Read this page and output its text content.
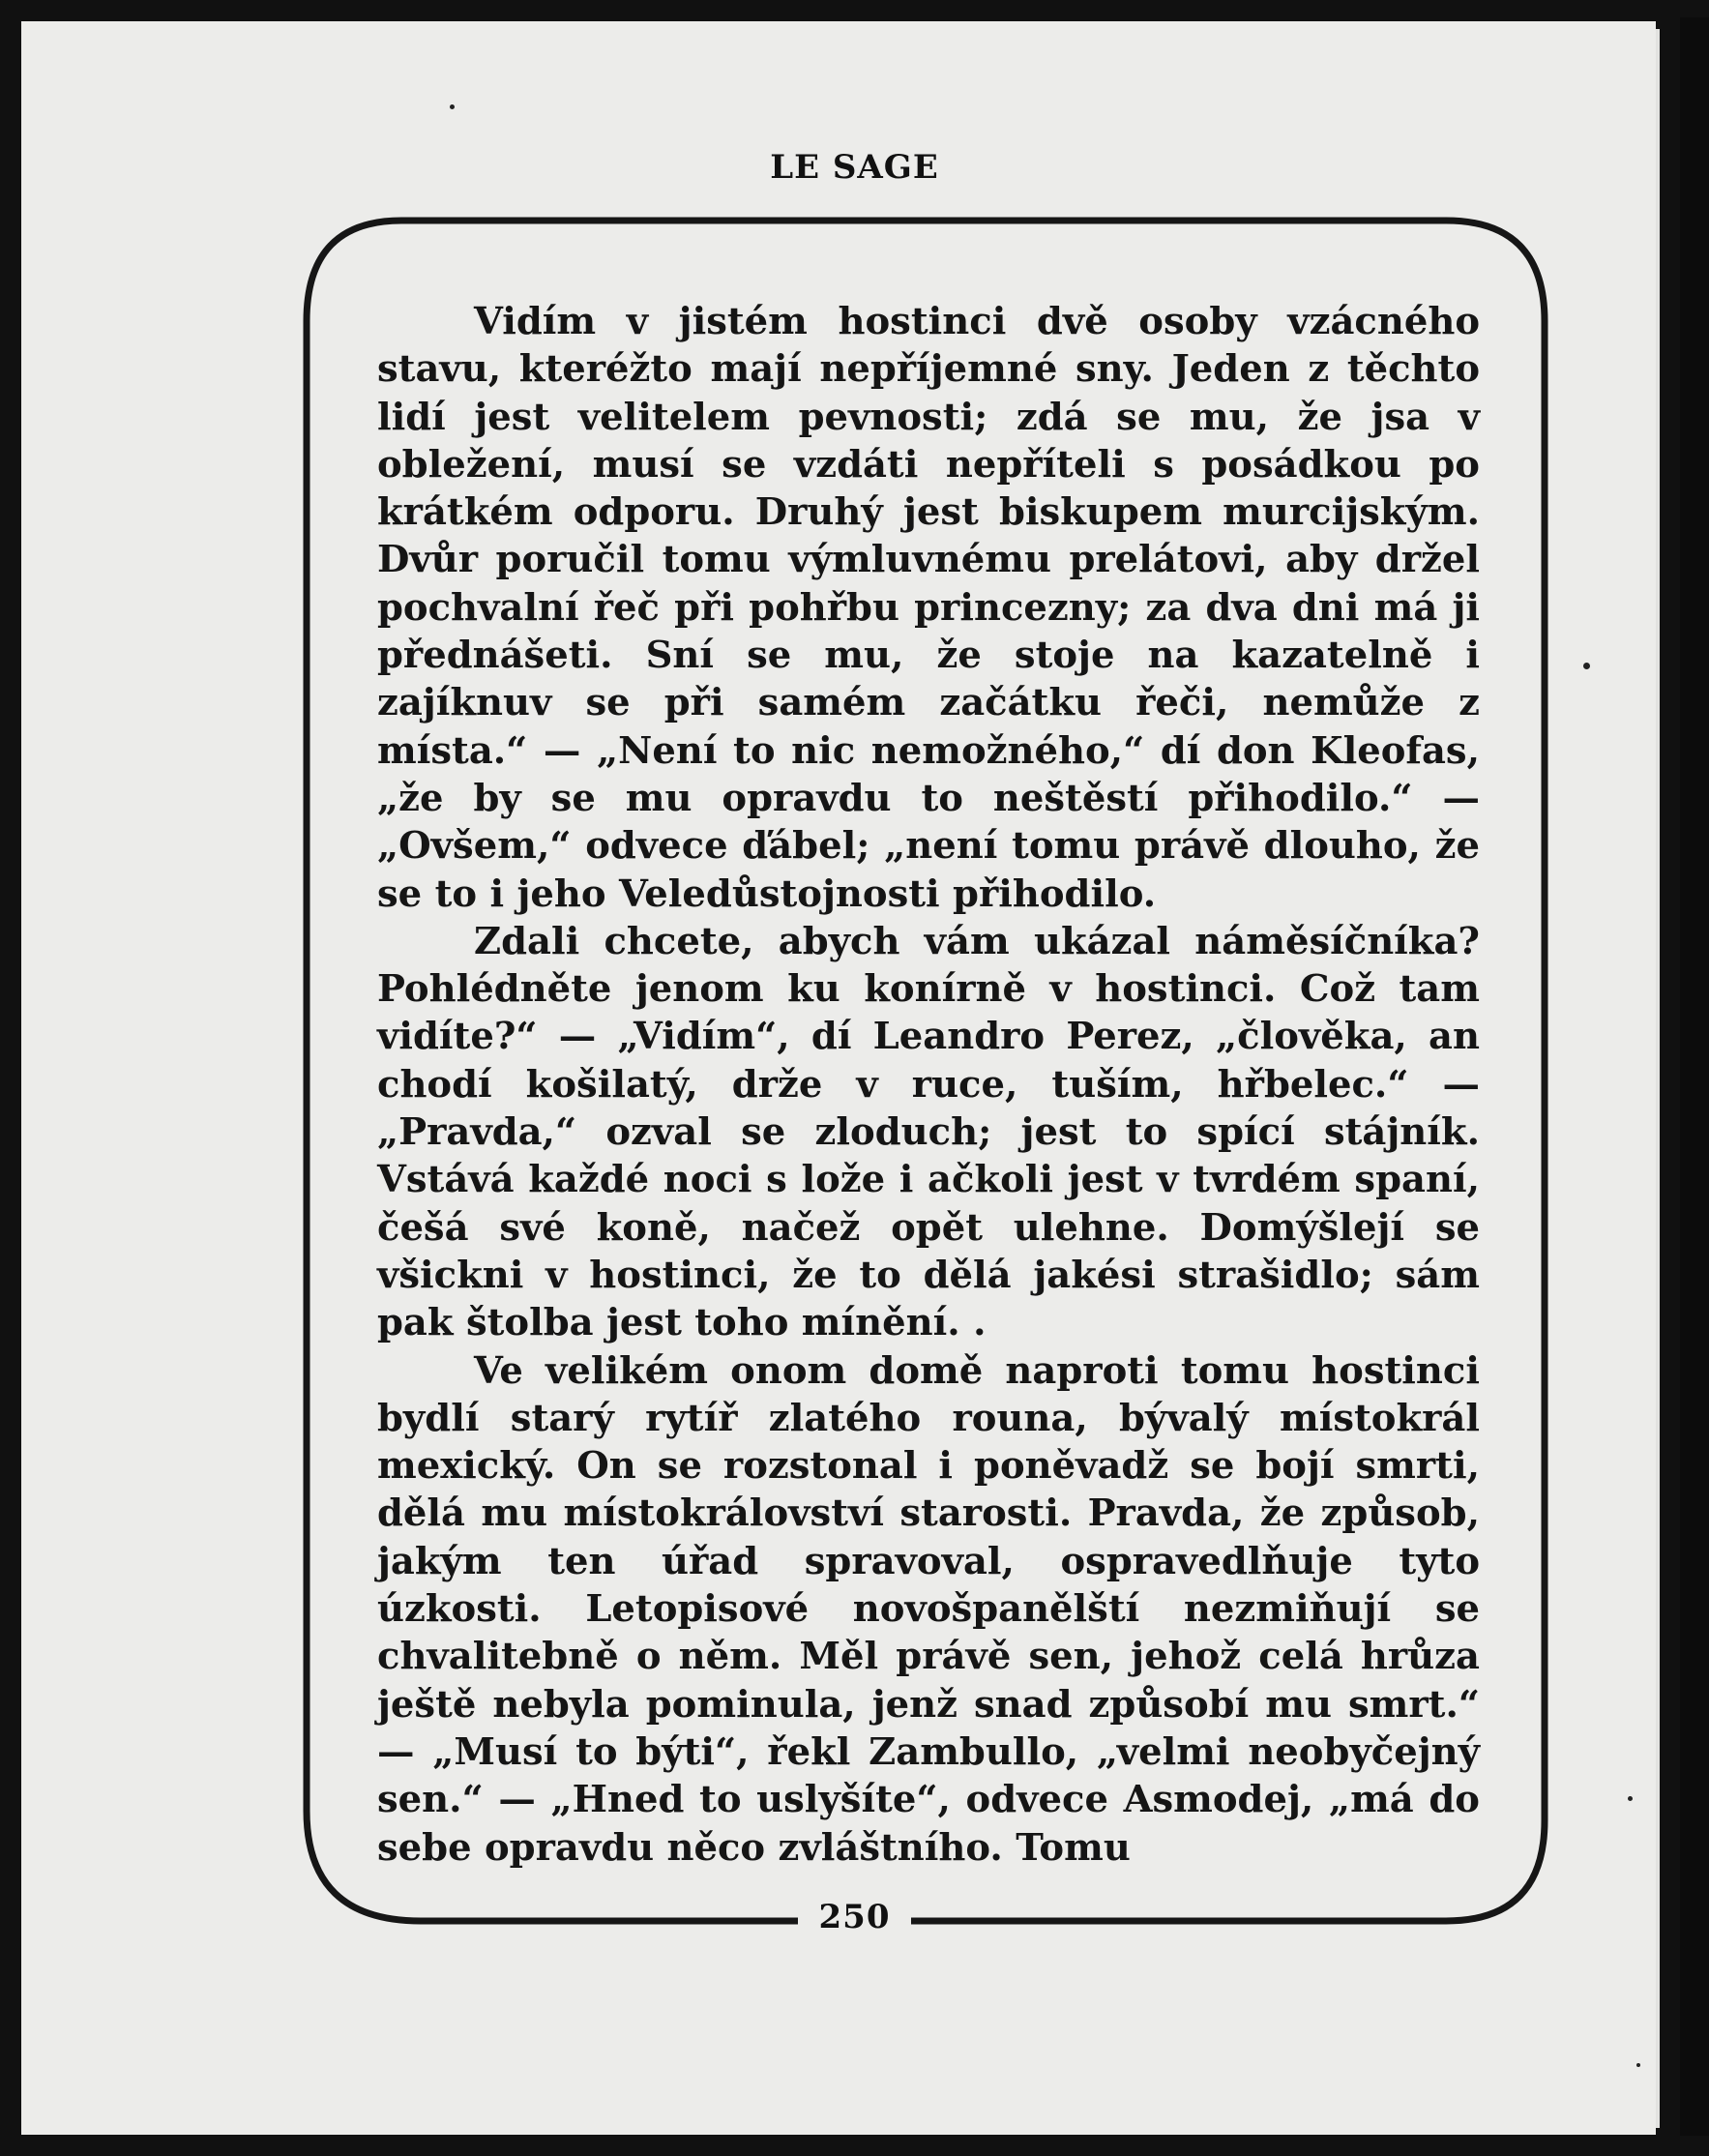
LE SAGE

Vidím v jistém hostinci dvě osoby vzácného stavu, kteréžto mají nepříjemné sny. Jeden z těchto lidí jest velitelem pevnosti; zdá se mu, že jsa v obležení, musí se vzdáti nepříteli s posádkou po krátkém odporu. Druhý jest biskupem murcijským. Dvůr poručil tomu výmluvnému prelátovi, aby držel pochvalní řeč při pohřbu princezny; za dva dni má ji přednášeti. Sní se mu, že stoje na kazatelně i zajíknuv se při samém začátku řeči, nemůže z místa.“ — „Není to nic nemožného,“ dí don Kleofas, „že by se mu opravdu to neštěstí přihodilo.“ — „Ovšem,“ odvece ďábel; „není tomu právě dlouho, že se to i jeho Veledůstojnosti přihodilo.

Zdali chcete, abych vám ukázal náměsíčníka? Pohlédněte jenom ku konírně v hostinci. Což tam vidíte?“ — „Vidím“, dí Leandro Perez, „člověka, an chodí košilatý, drže v ruce, tuším, hřbelec.“ — „Pravda,“ ozval se zloduch; jest to spící stájník. Vstává každé noci s lože i ačkoli jest v tvrdém spaní, češá své koně, načež opět ulehne. Domýšlejí se všickni v hostinci, že to dělá jakési strašidlo; sám pak štolba jest toho mínění. .

Ve velikém onom domě naproti tomu hostinci bydlí starý rytíř zlatého rouna, bývalý místokrál mexický. On se rozstonal i poněvadž se bojí smrti, dělá mu místokrálovství starosti. Pravda, že způsob, jakým ten úřad spravoval, ospravedlňuje tyto úzkosti. Letopisové novošpanělští nezmiňují se chvalitebně o něm. Měl právě sen, jehož celá hrůza ještě nebyla pominula, jenž snad způsobí mu smrt.“ — „Musí to býti“, řekl Zambullo, „velmi neobyčejný sen.“ — „Hned to uslyšíte“, odvece Asmodej, „má do sebe opravdu něco zvláštního. Tomu

250
